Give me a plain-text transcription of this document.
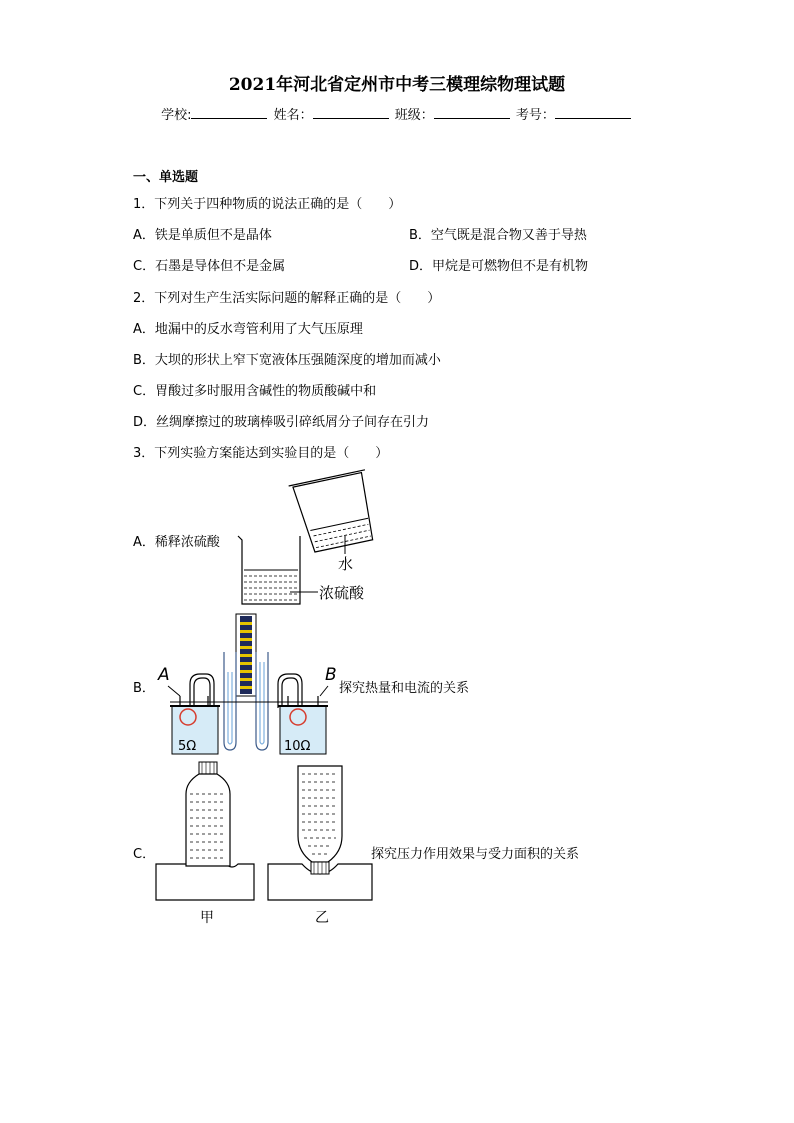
2021年河北省定州市中考三模理综物理试题
学校:	姓名：	班级：	考号：
一、单选题
1．下列关于四种物质的说法正确的是（　　）
A．铁是单质但不是晶体	B．空气既是混合物又善于导热
C．石墨是导体但不是金属	D．甲烷是可燃物但不是有机物
2．下列对生产生活实际问题的解释正确的是（　　）
A．地漏中的反水弯管利用了大气压原理
B．大坝的形状上窄下宽液体压强随深度的增加而减小
C．胃酸过多时服用含碱性的物质酸碱中和
D．丝绸摩擦过的玻璃棒吸引碎纸屑分子间存在引力
3．下列实验方案能达到实验目的是（　　）
A．稀释浓硫酸
水
浓硫酸
B．
5Ω	10Ω
A	B
探究热量和电流的关系
C．
甲	乙
探究压力作用效果与受力面积的关系
